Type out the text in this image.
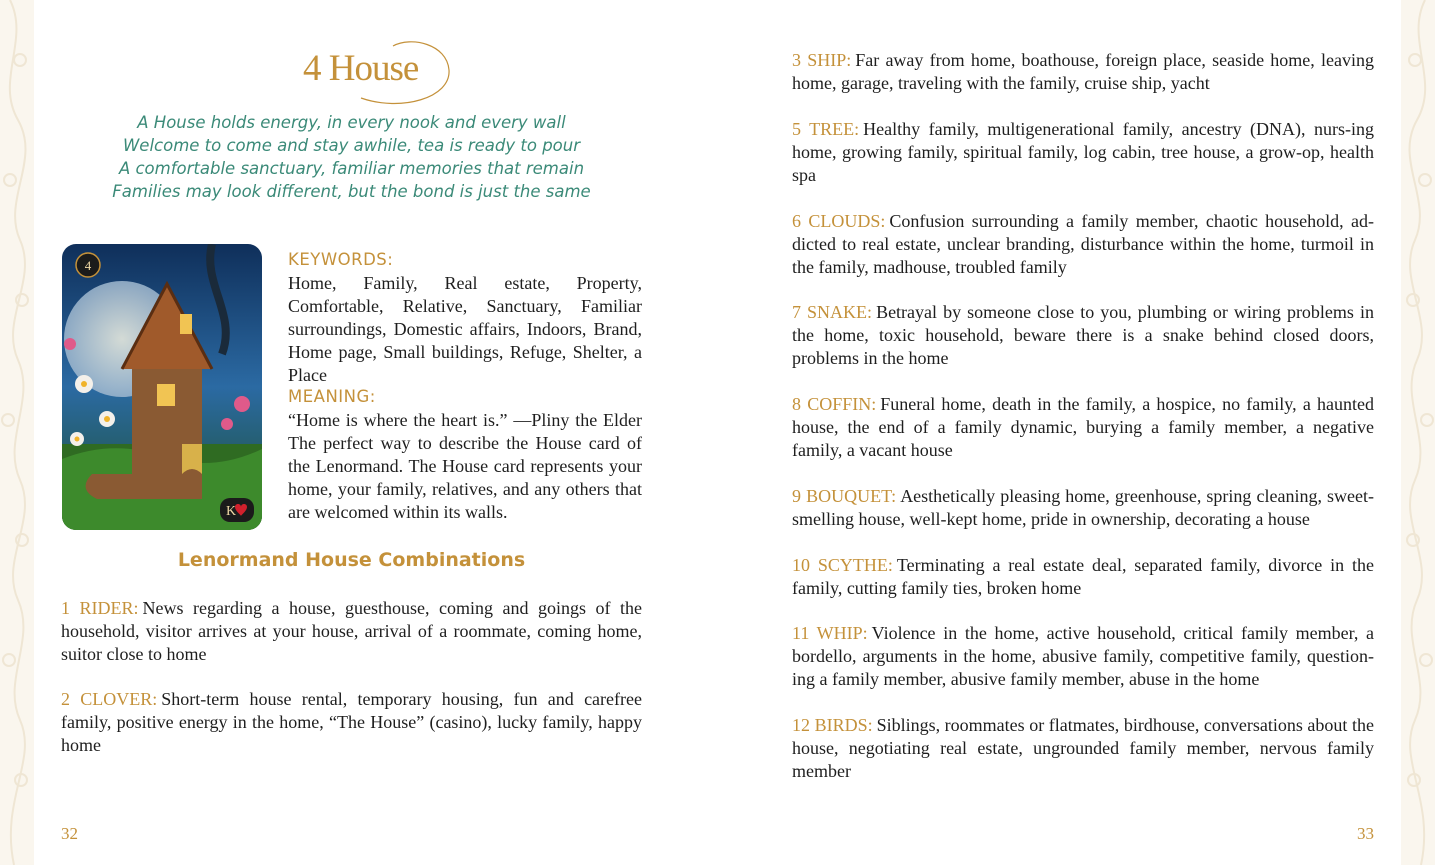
4 House
A House holds energy, in every nook and every wall
Welcome to come and stay awhile, tea is ready to pour
A comfortable sanctuary, familiar memories that remain
Families may look different, but the bond is just the same
4
K

KEYWORDS:

Home, Family, Real estate, Property, Comfortable, Relative, Sanctuary, Familiar surroundings, Domestic affairs, Indoors, Brand, Home page, Small buildings, Refuge, Shelter, a Place

MEANING:

“Home is where the heart is.” —Pliny the Elder The perfect way to describe the House card of the Lenormand. The House card represents your home, your family, relatives, and any others that are welcomed within its walls.

Lenormand House Combinations

1 RIDER: News regarding a house, guesthouse, coming and goings of the household, visitor arrives at your house, arrival of a roommate, coming home, suitor close to home

2 CLOVER: Short-term house rental, temporary housing, fun and carefree family, positive energy in the home, “The House” (casino), lucky family, happy home

32

3 SHIP: Far away from home, boathouse, foreign place, seaside home, leaving home, garage, traveling with the family, cruise ship, yacht

5 TREE: Healthy family, multigenerational family, ancestry (DNA), nurs-ing home, growing family, spiritual family, log cabin, tree house, a grow-op, health spa

6 CLOUDS: Confusion surrounding a family member, chaotic household, ad-dicted to real estate, unclear branding, disturbance within the home, turmoil in the family, madhouse, troubled family

7 SNAKE: Betrayal by someone close to you, plumbing or wiring problems in the home, toxic household, beware there is a snake behind closed doors, problems in the home

8 COFFIN: Funeral home, death in the family, a hospice, no family, a haunted house, the end of a family dynamic, burying a family member, a negative family, a vacant house

9 BOUQUET: Aesthetically pleasing home, greenhouse, spring cleaning, sweet-smelling house, well-kept home, pride in ownership, decorating a house

10 SCYTHE: Terminating a real estate deal, separated family, divorce in the family, cutting family ties, broken home

11 WHIP: Violence in the home, active household, critical family member, a bordello, arguments in the home, abusive family, competitive family, question-ing a family member, abusive family member, abuse in the home

12 BIRDS: Siblings, roommates or flatmates, birdhouse, conversations about the house, negotiating real estate, ungrounded family member, nervous family member

33
